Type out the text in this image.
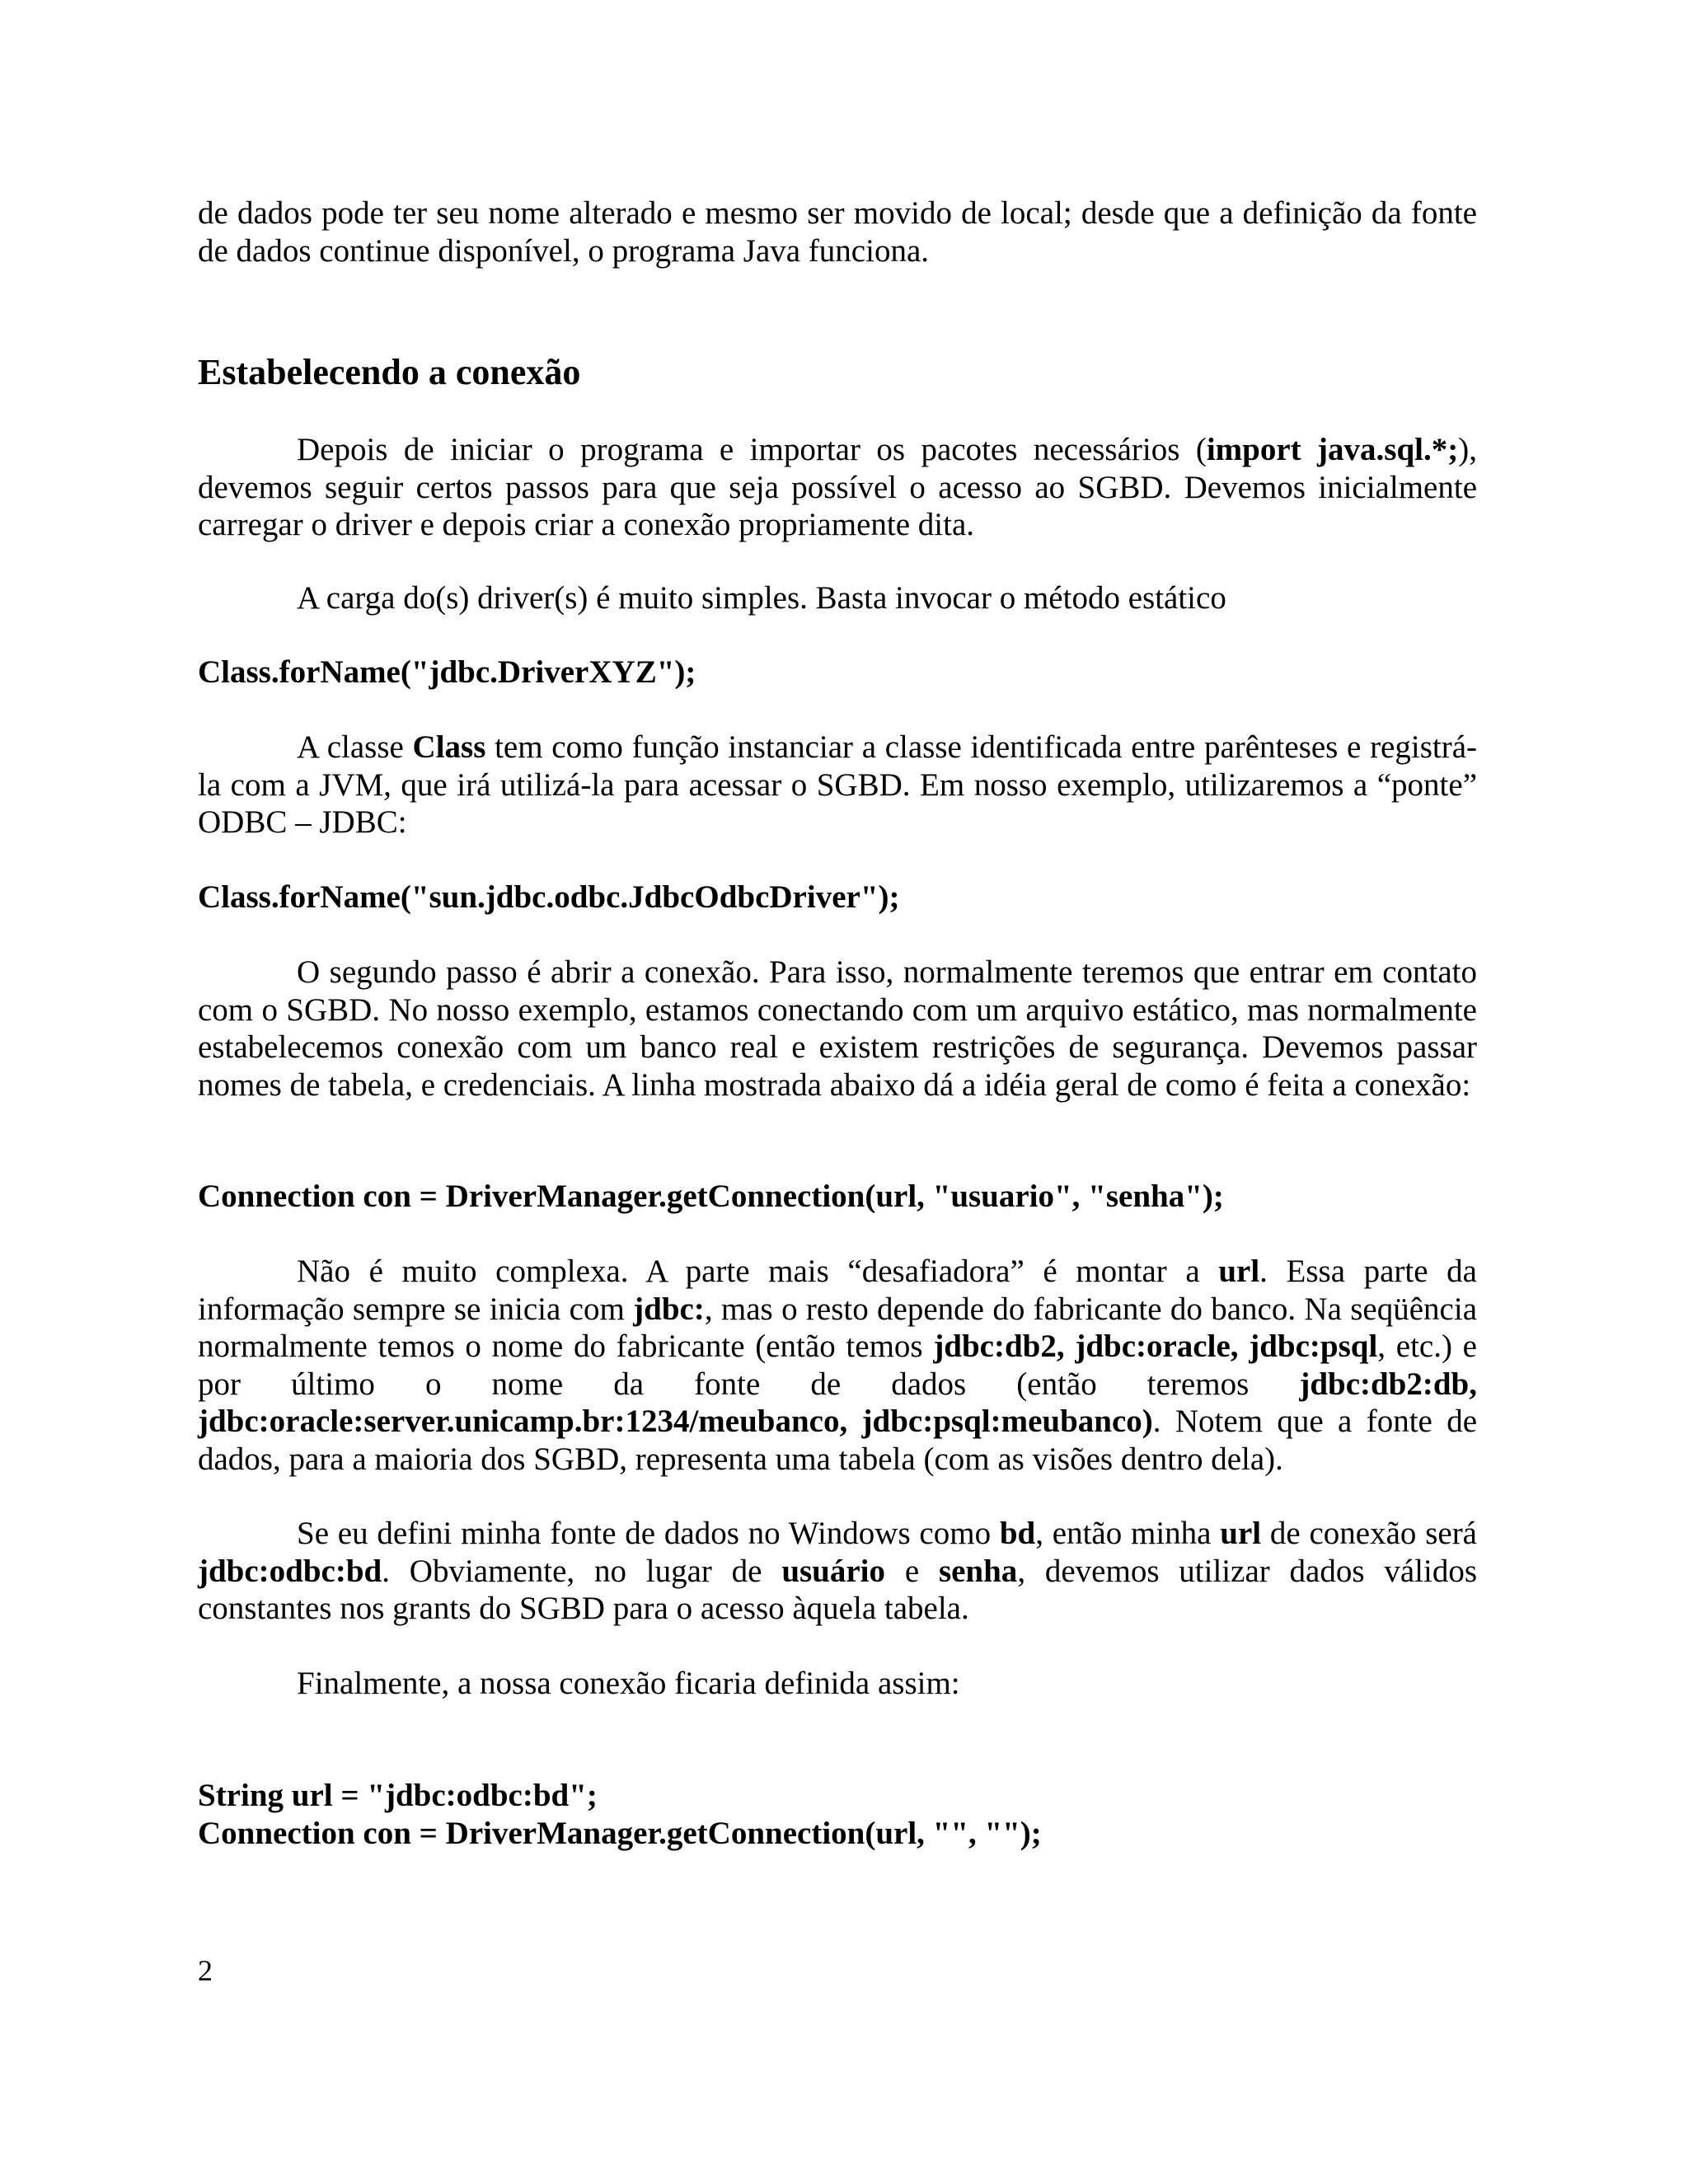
de dados pode ter seu nome alterado e mesmo ser movido de local; desde que a definição da fonte de dados continue disponível, o programa Java funciona.

Estabelecendo a conexão

Depois de iniciar o programa e importar os pacotes necessários (import java.sql.*;), devemos seguir certos passos para que seja possível o acesso ao SGBD. Devemos inicialmente carregar o driver e depois criar a conexão propriamente dita.

A carga do(s) driver(s) é muito simples. Basta invocar o método estático

Class.forName("jdbc.DriverXYZ");

A classe Class tem como função instanciar a classe identificada entre parênteses e registrá-la com a JVM, que irá utilizá-la para acessar o SGBD. Em nosso exemplo, utilizaremos a “ponte” ODBC – JDBC:

Class.forName("sun.jdbc.odbc.JdbcOdbcDriver");

O segundo passo é abrir a conexão. Para isso, normalmente teremos que entrar em contato com o SGBD. No nosso exemplo, estamos conectando com um arquivo estático, mas normalmente estabelecemos conexão com um banco real e existem restrições de segurança. Devemos passar nomes de tabela, e credenciais. A linha mostrada abaixo dá a idéia geral de como é feita a conexão:

Connection con = DriverManager.getConnection(url, "usuario", "senha");

Não é muito complexa. A parte mais “desafiadora” é montar a url. Essa parte da informação sempre se inicia com jdbc:, mas o resto depende do fabricante do banco. Na seqüência normalmente temos o nome do fabricante (então temos jdbc:db2, jdbc:oracle, jdbc:psql, etc.) e por último o nome da fonte de dados (então teremos jdbc:db2:db, jdbc:oracle:server.unicamp.br:1234/meubanco, jdbc:psql:meubanco). Notem que a fonte de dados, para a maioria dos SGBD, representa uma tabela (com as visões dentro dela).

Se eu defini minha fonte de dados no Windows como bd, então minha url de conexão será jdbc:odbc:bd. Obviamente, no lugar de usuário e senha, devemos utilizar dados válidos constantes nos grants do SGBD para o acesso àquela tabela.

Finalmente, a nossa conexão ficaria definida assim:

String url = "jdbc:odbc:bd";

Connection con = DriverManager.getConnection(url, "", "");

2
